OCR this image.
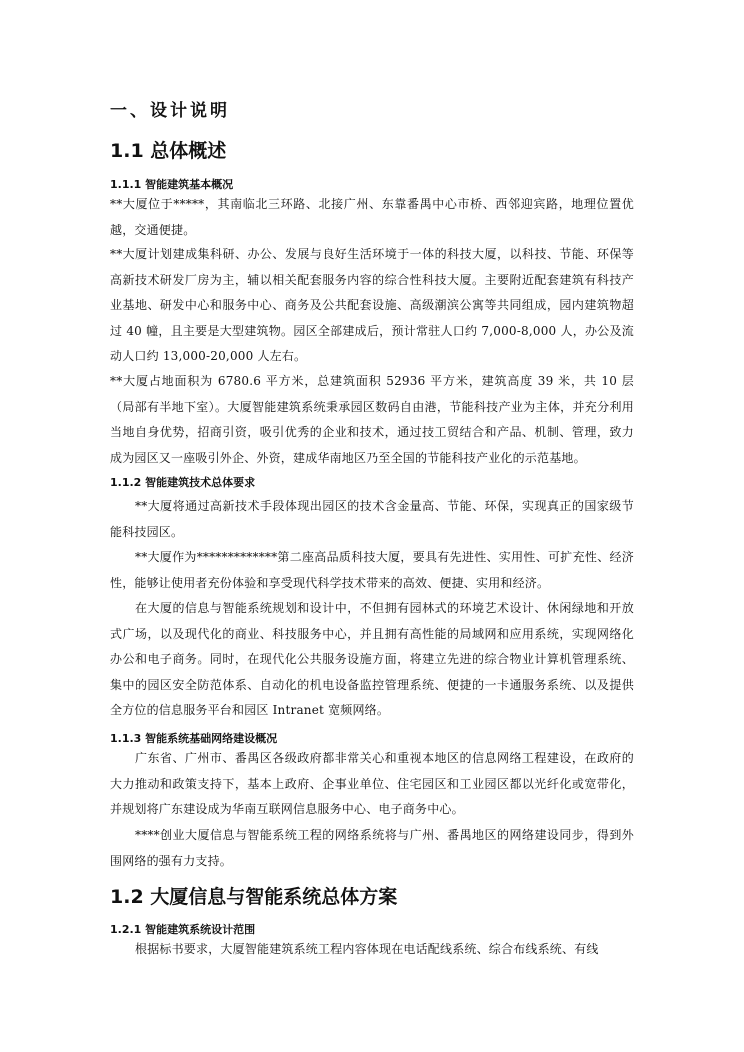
一、设计说明
1.1 总体概述
1.1.1 智能建筑基本概况

**大厦位于*****，其南临北三环路、北接广州、东靠番禺中心市桥、西邻迎宾路，地理位置优越，交通便捷。

**大厦计划建成集科研、办公、发展与良好生活环境于一体的科技大厦，以科技、节能、环保等高新技术研发厂房为主，辅以相关配套服务内容的综合性科技大厦。主要附近配套建筑有科技产业基地、研发中心和服务中心、商务及公共配套设施、高级潮滨公寓等共同组成，园内建筑物超过 40 幢，且主要是大型建筑物。园区全部建成后，预计常驻人口约 7,000-8,000 人，办公及流动人口约 13,000-20,000 人左右。

**大厦占地面积为 6780.6 平方米，总建筑面积 52936 平方米，建筑高度 39 米，共 10 层（局部有半地下室）。大厦智能建筑系统秉承园区数码自由港，节能科技产业为主体，并充分利用当地自身优势，招商引资，吸引优秀的企业和技术，通过技工贸结合和产品、机制、管理，致力成为园区又一座吸引外企、外资，建成华南地区乃至全国的节能科技产业化的示范基地。

1.1.2 智能建筑技术总体要求

**大厦将通过高新技术手段体现出园区的技术含金量高、节能、环保，实现真正的国家级节能科技园区。

**大厦作为*************第二座高品质科技大厦，要具有先进性、实用性、可扩充性、经济性，能够让使用者充份体验和享受现代科学技术带来的高效、便捷、实用和经济。

在大厦的信息与智能系统规划和设计中，不但拥有园林式的环境艺术设计、休闲绿地和开放式广场，以及现代化的商业、科技服务中心，并且拥有高性能的局域网和应用系统，实现网络化办公和电子商务。同时，在现代化公共服务设施方面，将建立先进的综合物业计算机管理系统、集中的园区安全防范体系、自动化的机电设备监控管理系统、便捷的一卡通服务系统、以及提供全方位的信息服务平台和园区 Intranet 宽频网络。

1.1.3 智能系统基础网络建设概况

广东省、广州市、番禺区各级政府都非常关心和重视本地区的信息网络工程建设，在政府的大力推动和政策支持下，基本上政府、企事业单位、住宅园区和工业园区都以光纤化或宽带化，并规划将广东建设成为华南互联网信息服务中心、电子商务中心。

****创业大厦信息与智能系统工程的网络系统将与广州、番禺地区的网络建设同步，得到外围网络的强有力支持。

1.2 大厦信息与智能系统总体方案
1.2.1 智能建筑系统设计范围

根据标书要求，大厦智能建筑系统工程内容体现在电话配线系统、综合布线系统、有线
